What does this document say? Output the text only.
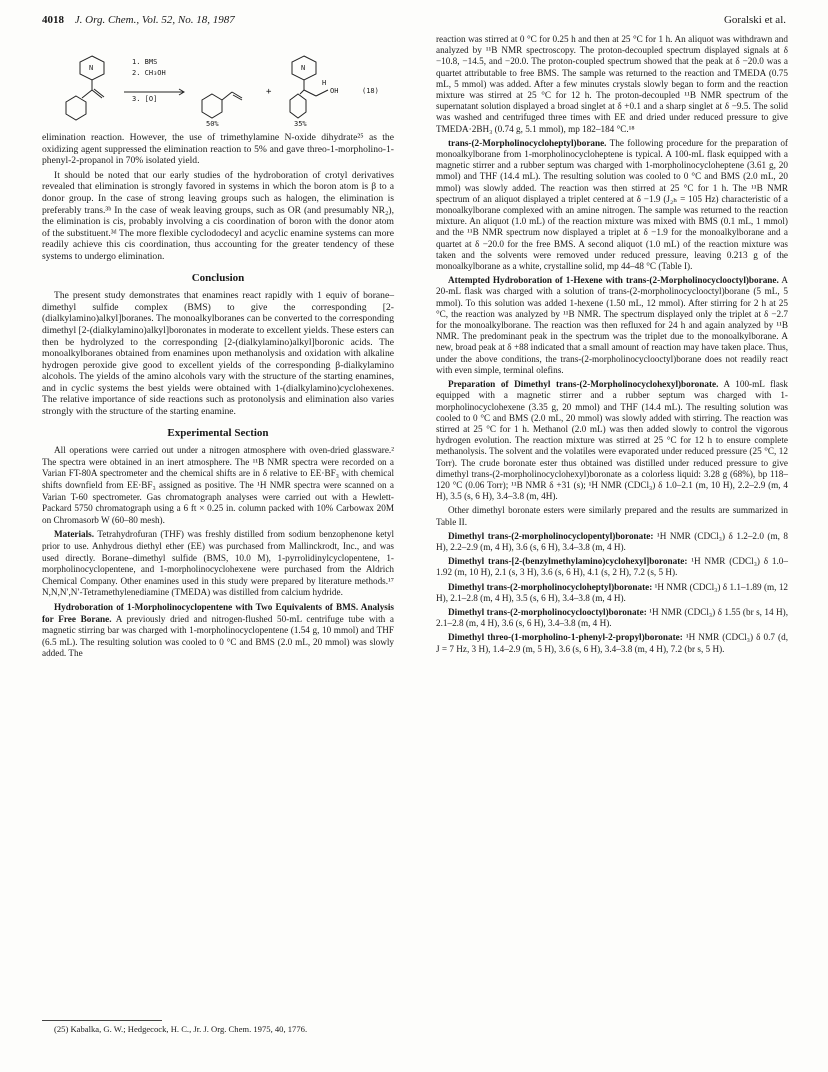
4018 J. Org. Chem., Vol. 52, No. 18, 1987	Goralski et al.
N
1. BMS
2. CH₃OH
3. [O]
+
N
H
OH	(18)
50%	35%

elimination reaction. However, the use of trimethylamine N-oxide dihydrate²⁵ as the oxidizing agent suppressed the elimination reaction to 5% and gave threo-1-morpholino-1-phenyl-2-propanol in 70% isolated yield.

It should be noted that our early studies of the hydroboration of crotyl derivatives revealed that elimination is strongly favored in systems in which the boron atom is β to a donor group. In the case of strong leaving groups such as halogen, the elimination is preferably trans.³ᵇ In the case of weak leaving groups, such as OR (and presumably NR₂), the elimination is cis, probably involving a cis coordination of boron with the donor atom of the substituent.³ᵈ The more flexible cyclododecyl and acyclic enamine systems can more readily achieve this cis coordination, thus accounting for the greater tendency of these systems to undergo elimination.

Conclusion

The present study demonstrates that enamines react rapidly with 1 equiv of borane–dimethyl sulfide complex (BMS) to give the corresponding [2-(dialkylamino)alkyl]boranes. The monoalkylboranes can be converted to the corresponding dimethyl [2-(dialkylamino)alkyl]boronates in moderate to excellent yields. These esters can then be hydrolyzed to the corresponding [2-(dialkylamino)alkyl]boronic acids. The monoalkylboranes obtained from enamines upon methanolysis and oxidation with alkaline hydrogen peroxide give good to excellent yields of the corresponding β-dialkylamino alcohols. The yields of the amino alcohols vary with the structure of the starting enamines, and in cyclic systems the best yields were obtained with 1-(dialkylamino)cyclohexenes. The relative importance of side reactions such as protonolysis and elimination also varies strongly with the structure of the starting enamine.

Experimental Section

All operations were carried out under a nitrogen atmosphere with oven-dried glassware.² The spectra were obtained in an inert atmosphere. The ¹¹B NMR spectra were recorded on a Varian FT-80A spectrometer and the chemical shifts are in δ relative to EE·BF₃ with chemical shifts downfield from EE·BF₃ assigned as positive. The ¹H NMR spectra were scanned on a Varian T-60 spectrometer. Gas chromatograph analyses were carried out with a Hewlett-Packard 5750 chromatograph using a 6 ft × 0.25 in. column packed with 10% Carbowax 20M on Chromasorb W (60–80 mesh).

Materials. Tetrahydrofuran (THF) was freshly distilled from sodium benzophenone ketyl prior to use. Anhydrous diethyl ether (EE) was purchased from Mallinckrodt, Inc., and was used directly. Borane–dimethyl sulfide (BMS, 10.0 M), 1-pyrrolidinylcyclopentene, 1-morpholinocyclopentene, and 1-morpholinocyclohexene were purchased from the Aldrich Chemical Company. Other enamines used in this study were prepared by literature methods.¹⁷ N,N,N′,N′-Tetramethylenediamine (TMEDA) was distilled from calcium hydride.

Hydroboration of 1-Morpholinocyclopentene with Two Equivalents of BMS. Analysis for Free Borane. A previously dried and nitrogen-flushed 50-mL centrifuge tube with a magnetic stirring bar was charged with 1-morpholinocyclopentene (1.54 g, 10 mmol) and THF (6.5 mL). The resulting solution was cooled to 0 °C and BMS (2.0 mL, 20 mmol) was slowly added. The

(25) Kabalka, G. W.; Hedgecock, H. C., Jr. J. Org. Chem. 1975, 40, 1776.

reaction was stirred at 0 °C for 0.25 h and then at 25 °C for 1 h. An aliquot was withdrawn and analyzed by ¹¹B NMR spectroscopy. The proton-decoupled spectrum displayed signals at δ −10.8, −14.5, and −20.0. The proton-coupled spectrum showed that the peak at δ −20.0 was a quartet attributable to free BMS. The sample was returned to the reaction and TMEDA (0.75 mL, 5 mmol) was added. After a few minutes crystals slowly began to form and the reaction mixture was stirred at 25 °C for 12 h. The proton-decoupled ¹¹B NMR spectrum of the supernatant solution displayed a broad singlet at δ +0.1 and a sharp singlet at δ −9.5. The solid was washed and centrifuged three times with EE and dried under reduced pressure to give TMEDA·2BH₃ (0.74 g, 5.1 mmol), mp 182–184 °C.¹⁸

trans-(2-Morpholinocycloheptyl)borane. The following procedure for the preparation of monoalkylborane from 1-morpholinocycloheptene is typical. A 100-mL flask equipped with a magnetic stirrer and a rubber septum was charged with 1-morpholinocycloheptene (3.61 g, 20 mmol) and THF (14.4 mL). The resulting solution was cooled to 0 °C and BMS (2.0 mL, 20 mmol) was slowly added. The reaction was then stirred at 25 °C for 1 h. The ¹¹B NMR spectrum of an aliquot displayed a triplet centered at δ −1.9 (J₂ₕ = 105 Hz) characteristic of a monoalkylborane complexed with an amine nitrogen. The sample was returned to the reaction mixture. An aliquot (1.0 mL) of the reaction mixture was mixed with BMS (0.1 mL, 1 mmol) and the ¹¹B NMR spectrum now displayed a triplet at δ −1.9 for the monoalkylborane and a quartet at δ −20.0 for the free BMS. A second aliquot (1.0 mL) of the reaction mixture was taken and the solvents were removed under reduced pressure, leaving 0.213 g of the monoalkylborane as a white, crystalline solid, mp 44–48 °C (Table I).

Attempted Hydroboration of 1-Hexene with trans-(2-Morpholinocyclooctyl)borane. A 20-mL flask was charged with a solution of trans-(2-morpholinocyclooctyl)borane (5 mL, 5 mmol). To this solution was added 1-hexene (1.50 mL, 12 mmol). After stirring for 2 h at 25 °C, the reaction was analyzed by ¹¹B NMR. The spectrum displayed only the triplet at δ −2.7 for the monoalkylborane. The reaction was then refluxed for 24 h and again analyzed by ¹¹B NMR. The predominant peak in the spectrum was the triplet due to the monoalkylborane. A new, broad peak at δ +88 indicated that a small amount of reaction may have taken place. Thus, under the above conditions, the trans-(2-morpholinocyclooctyl)borane does not readily react with even simple, terminal olefins.

Preparation of Dimethyl trans-(2-Morpholinocyclohexyl)boronate. A 100-mL flask equipped with a magnetic stirrer and a rubber septum was charged with 1-morpholinocyclohexene (3.35 g, 20 mmol) and THF (14.4 mL). The resulting solution was cooled to 0 °C and BMS (2.0 mL, 20 mmol) was slowly added with stirring. The reaction was stirred at 25 °C for 1 h. Methanol (2.0 mL) was then added slowly to control the vigorous hydrogen evolution. The reaction mixture was stirred at 25 °C for 12 h to ensure complete methanolysis. The solvent and the volatiles were evaporated under reduced pressure (25 °C, 12 Torr). The crude boronate ester thus obtained was distilled under reduced pressure to give dimethyl trans-(2-morpholinocyclohexyl)boronate as a colorless liquid: 3.28 g (68%), bp 118–120 °C (0.06 Torr); ¹¹B NMR δ +31 (s); ¹H NMR (CDCl₃) δ 1.0–2.1 (m, 10 H), 2.2–2.9 (m, 4 H), 3.5 (s, 6 H), 3.4–3.8 (m, 4H).

Other dimethyl boronate esters were similarly prepared and the results are summarized in Table II.

Dimethyl trans-(2-morpholinocyclopentyl)boronate: ¹H NMR (CDCl₃) δ 1.2–2.0 (m, 8 H), 2.2–2.9 (m, 4 H), 3.6 (s, 6 H), 3.4–3.8 (m, 4 H).

Dimethyl trans-[2-(benzylmethylamino)cyclohexyl]boronate: ¹H NMR (CDCl₃) δ 1.0–1.92 (m, 10 H), 2.1 (s, 3 H), 3.6 (s, 6 H), 4.1 (s, 2 H), 7.2 (s, 5 H).

Dimethyl trans-(2-morpholinocycloheptyl)boronate: ¹H NMR (CDCl₃) δ 1.1–1.89 (m, 12 H), 2.1–2.8 (m, 4 H), 3.5 (s, 6 H), 3.4–3.8 (m, 4 H).

Dimethyl trans-(2-morpholinocyclooctyl)boronate: ¹H NMR (CDCl₃) δ 1.55 (br s, 14 H), 2.1–2.8 (m, 4 H), 3.6 (s, 6 H), 3.4–3.8 (m, 4 H).

Dimethyl threo-(1-morpholino-1-phenyl-2-propyl)boronate: ¹H NMR (CDCl₃) δ 0.7 (d, J = 7 Hz, 3 H), 1.4–2.9 (m, 5 H), 3.6 (s, 6 H), 3.4–3.8 (m, 4 H), 7.2 (br s, 5 H).
